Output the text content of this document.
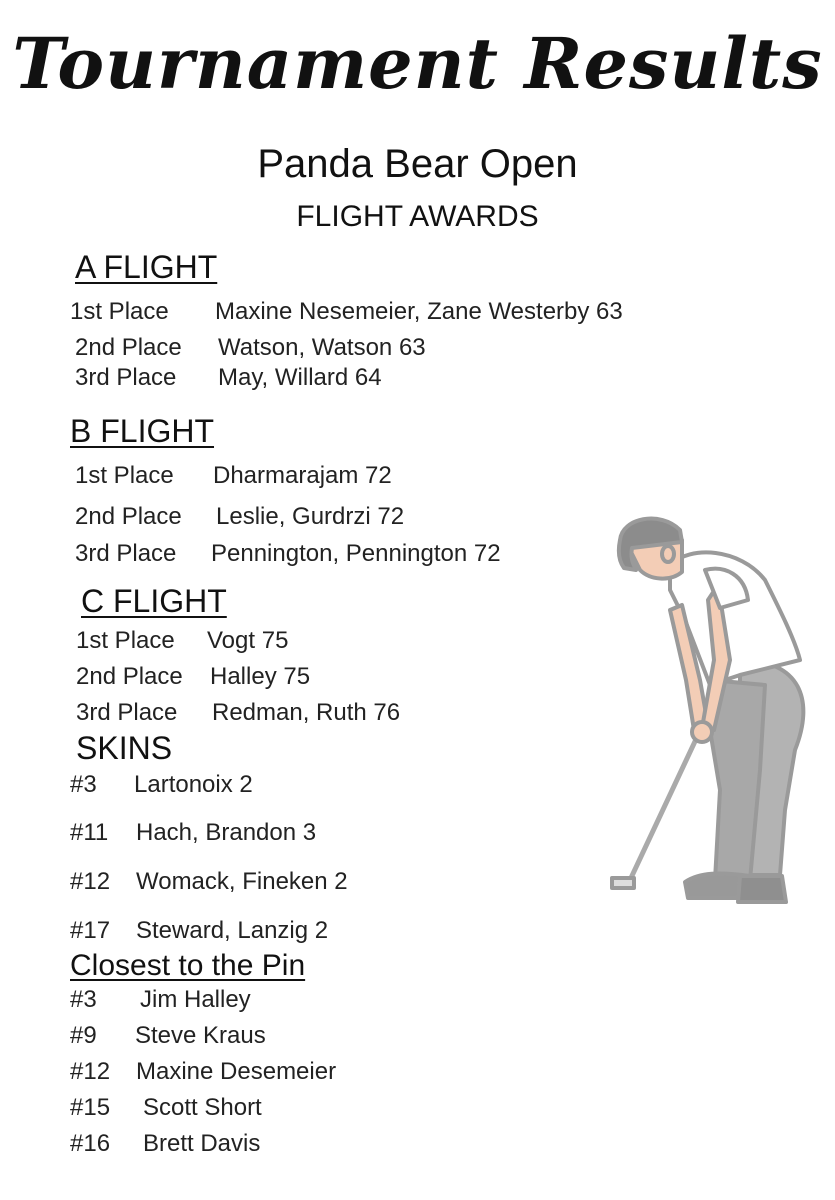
Tournament Results
Panda Bear Open
FLIGHT AWARDS
A FLIGHT
1st Place Maxine Nesemeier, Zane Westerby 63
2nd Place Watson, Watson 63
3rd Place May, Willard 64
B FLIGHT
1st Place Dharmarajam 72
2nd Place Leslie, Gurdrzi 72
3rd Place Pennington, Pennington 72
C FLIGHT
1st Place Vogt 75
2nd Place Halley 75
3rd Place Redman, Ruth 76
SKINS
#3 Lartonoix 2
#11 Hach, Brandon 3
#12 Womack, Fineken 2
#17 Steward, Lanzig 2
Closest to the Pin
#3 Jim Halley
#9 Steve Kraus
#12 Maxine Desemeier
#15 Scott Short
#16 Brett Davis
